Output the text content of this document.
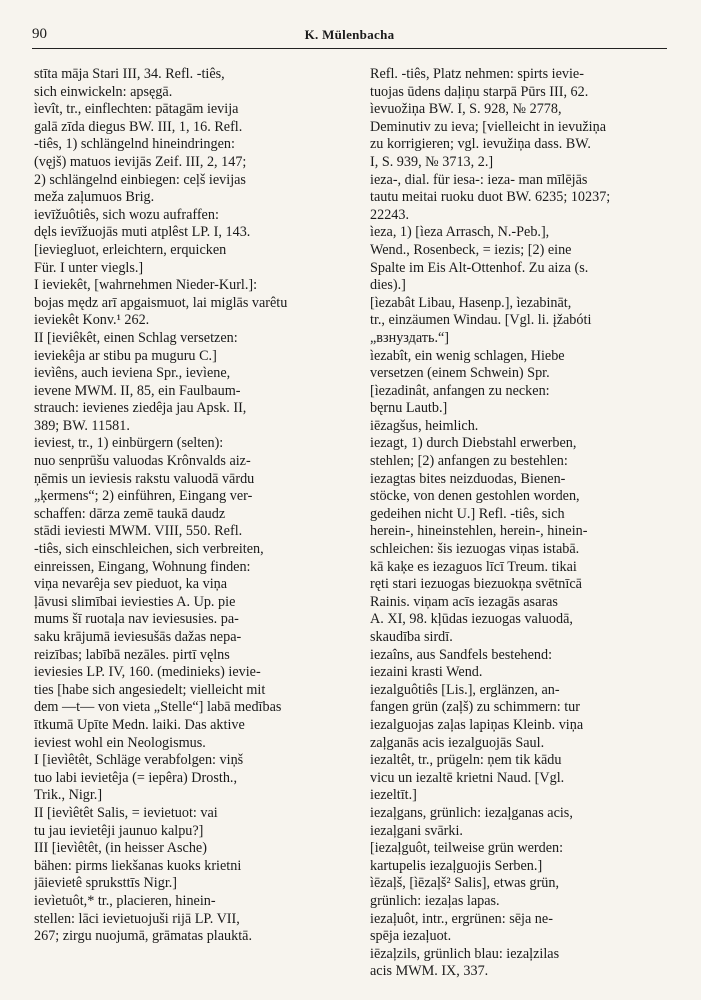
90	K. Mülenbacha
stīta māja Stari III, 34. Refl. -tiês,
sich einwickeln: apsęgā.
ìevît, tr., einflechten: pātagām ievija
galā zīda diegus BW. III, 1, 16. Refl.
-tiês, 1) schlängelnd hineindringen:
(vęjš) matuos ievijās Zeif. III, 2, 147;
2) schlängelnd einbiegen: ceļš ievijas
meža zaļumuos Brig.
ievīžuôtiês, sich wozu aufraffen:
dęls ievīžuojās muti atplêst LP. I, 143.
[ieviegluot, erleichtern, erquicken
Für. I unter viegls.]
I ieviekêt, [wahrnehmen Nieder-Kurl.]:
bojas mędz arī apgaismuot, lai miglās varêtu
ieviekêt Konv.¹ 262.
II [ieviêkêt, einen Schlag versetzen:
ieviekêja ar stibu pa muguru C.]
ievìêns, auch ieviena Spr., ievìene,
ievene MWM. II, 85, ein Faulbaum-
strauch: ievienes ziedêja jau Apsk. II,
389; BW. 11581.
ieviest, tr., 1) einbürgern (selten):
nuo senprūšu valuodas Krônvalds aiz-
ņēmis un ieviesis rakstu valuodā vārdu
„ķermens“; 2) einführen, Eingang ver-
schaffen: dārza zemē taukā daudz
stādi ieviesti MWM. VIII, 550. Refl.
-tiês, sich einschleichen, sich verbreiten,
einreissen, Eingang, Wohnung finden:
viņa nevarêja sev pieduot, ka viņa
ļāvusi slimībai ieviesties A. Up. pie
mums šī ruotaļa nav ieviesusies. pa-
saku krājumā ieviesušās dažas nepa-
reizības; labībā nezāles. pirtī vęlns
ieviesies LP. IV, 160. (medinieks) ievie-
ties [habe sich angesiedelt; vielleicht mit
dem —t— von vieta „Stelle“] labā medības
ītkumā Upīte Medn. laiki. Das aktive
ieviest wohl ein Neologismus.
I [ievìêtêt, Schläge verabfolgen: viņš
tuo labi ievietêja (= iepêra) Drosth.,
Trik., Nigr.]
II [ievìêtêt Salis, = ievietuot: vai
tu jau ievietêji jaunuo kalpu?]
III [ievìêtêt, (in heisser Asche)
bähen: pirms liekšanas kuoks krietni
jāievietê spruksttīs Nigr.]
ievìetuôt,* tr., placieren, hinein-
stellen: lāci ievietuojuši rijā LP. VII,
267; zirgu nuojumā, grāmatas plauktā.
Refl. -tiês, Platz nehmen: spirts ievie-
tuojas ūdens daļiņu starpā Pūrs III, 62.
ìevuožiņa BW. I, S. 928, № 2778,
Deminutiv zu ieva; [vielleicht in ievužiņa
zu korrigieren; vgl. ievužiņa dass. BW.
I, S. 939, № 3713, 2.]
ieza-, dial. für iesa-: ieza- man mīlējās
tautu meitai ruoku duot BW. 6235; 10237;
22243.
ìeza, 1) [ìeza Arrasch, N.-Peb.],
Wend., Rosenbeck, = iezis; [2) eine
Spalte im Eis Alt-Ottenhof. Zu aiza (s.
dies).]
[ìezabât Libau, Hasenp.], ìezabināt,
tr., einzäumen Windau. [Vgl. li. įžabóti
„взнуздать.“]
ìezabît, ein wenig schlagen, Hiebe
versetzen (einem Schwein) Spr.
[ìezadinât, anfangen zu necken:
bęrnu Lautb.]
iēzagšus, heimlich.
iezagt, 1) durch Diebstahl erwerben,
stehlen; [2) anfangen zu bestehlen:
iezagtas bites neizduodas, Bienen-
stöcke, von denen gestohlen worden,
gedeihen nicht U.] Refl. -tiês, sich
herein-, hineinstehlen, herein-, hinein-
schleichen: šis iezuogas viņas istabā.
kā kaķe es iezaguos līcī Treum. tikai
ręti stari iezuogas biezuokņa svētnīcā
Rainis. viņam acīs iezagās asaras
A. XI, 98. kļūdas iezuogas valuodā,
skaudība sirdī.
iezaîns, aus Sandfels bestehend:
iezaini krasti Wend.
iezalguôtiês [Lis.], erglänzen, an-
fangen grün (zaļš) zu schimmern: tur
iezalguojas zaļas lapiņas Kleinb. viņa
zaļganās acis iezalguojās Saul.
iezaltêt, tr., prügeln: ņem tik kādu
vicu un iezaltē krietni Naud. [Vgl.
iezeltīt.]
iezaļgans, grünlich: iezaļganas acis,
iezaļgani svārki.
[iezaļguôt, teilweise grün werden:
kartupelis iezaļguojis Serben.]
ìēzaļš, [ìēzaļš² Salis], etwas grün,
grünlich: iezaļas lapas.
iezaļuôt, intr., ergrünen: sēja ne-
spēja iezaļuot.
iēzaļzils, grünlich blau: iezaļzilas
acis MWM. IX, 337.
